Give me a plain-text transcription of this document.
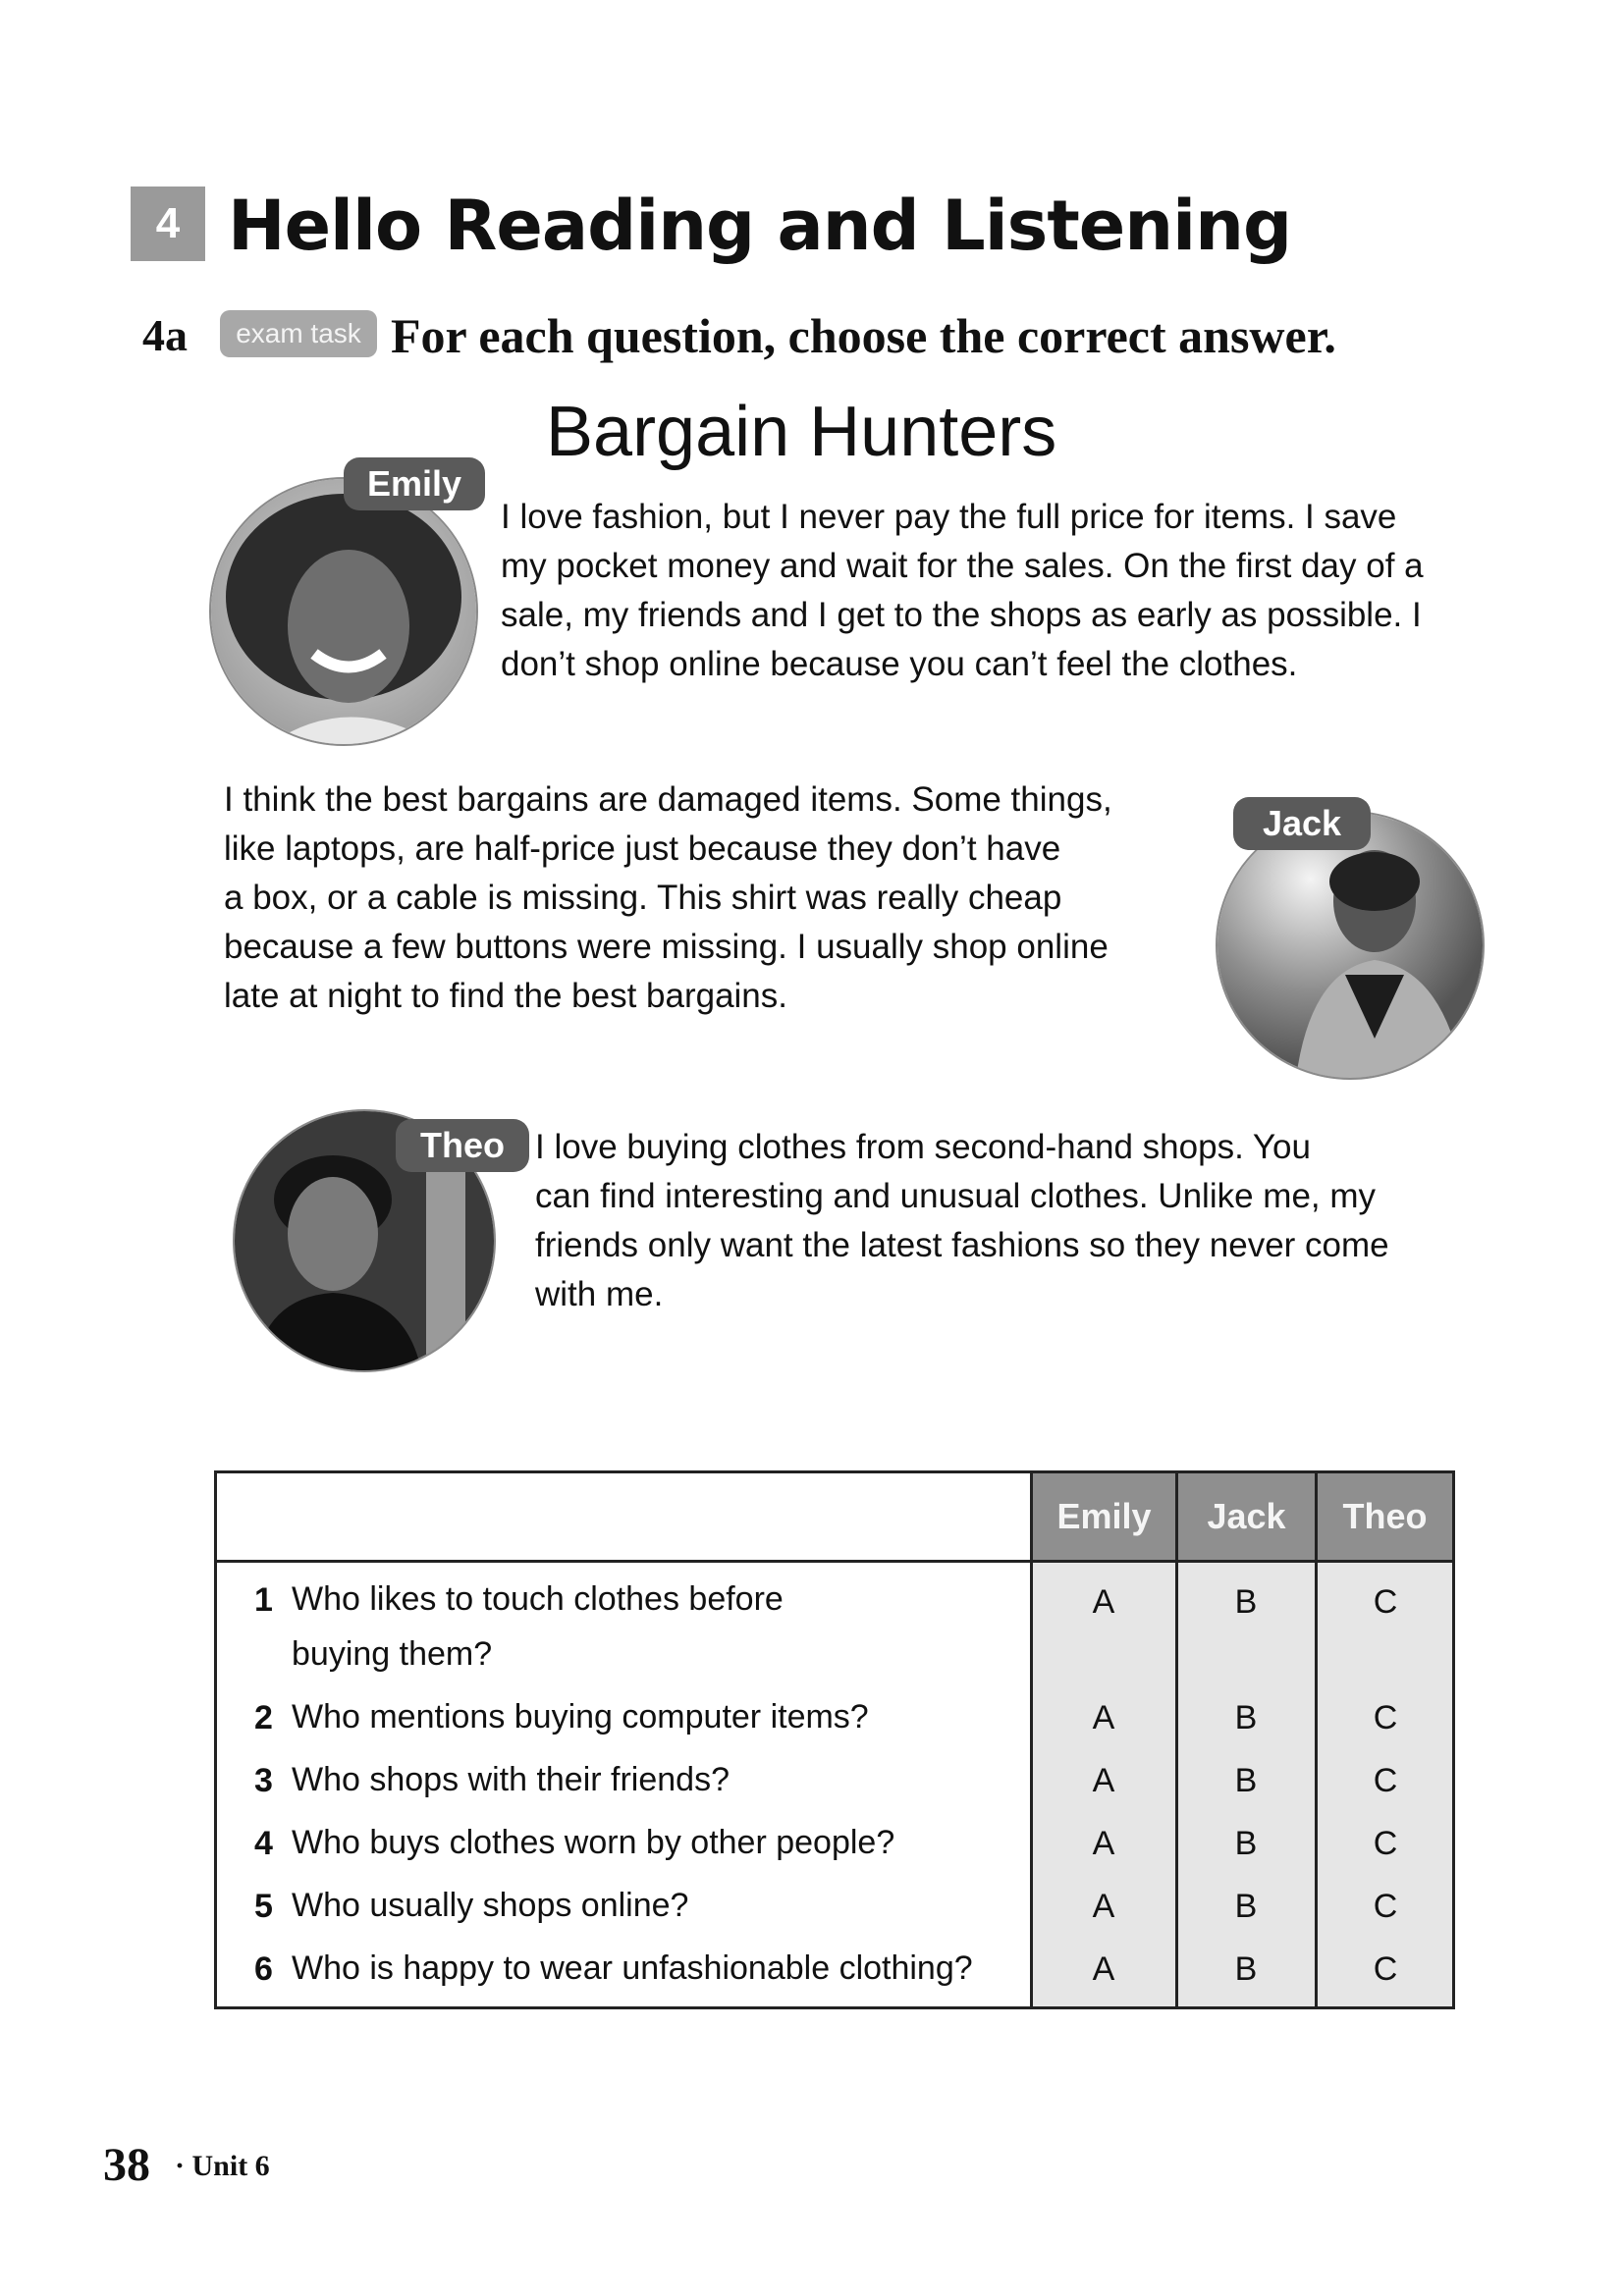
4 Hello Reading and Listening
4a	exam task For each question, choose the correct answer.
Bargain Hunters
Emily

I love fashion, but I never pay the full price for items. I save

my pocket money and wait for the sales. On the first day of a

sale, my friends and I get to the shops as early as possible. I

don’t shop online because you can’t feel the clothes.

I think the best bargains are damaged items. Some things,

like laptops, are half-price just because they don’t have

a box, or a cable is missing. This shirt was really cheap

because a few buttons were missing. I usually shop online

late at night to find the best bargains.

Jack
Theo I love buying clothes from second-hand shops. You

can find interesting and unusual clothes. Unlike me, my

friends only want the latest fashions so they never come

with me.

Emily	Jack	Theo
1 Who likes to touch clothes before
buying them?
A	B	C
2 Who mentions buying computer items?	A	B	C
3 Who shops with their friends?	A	B	C
4 Who buys clothes worn by other people?	A	B	C
5 Who usually shops online?	A	B	C
6 Who is happy to wear unfashionable clothing?	A	B	C
38 · Unit 6
